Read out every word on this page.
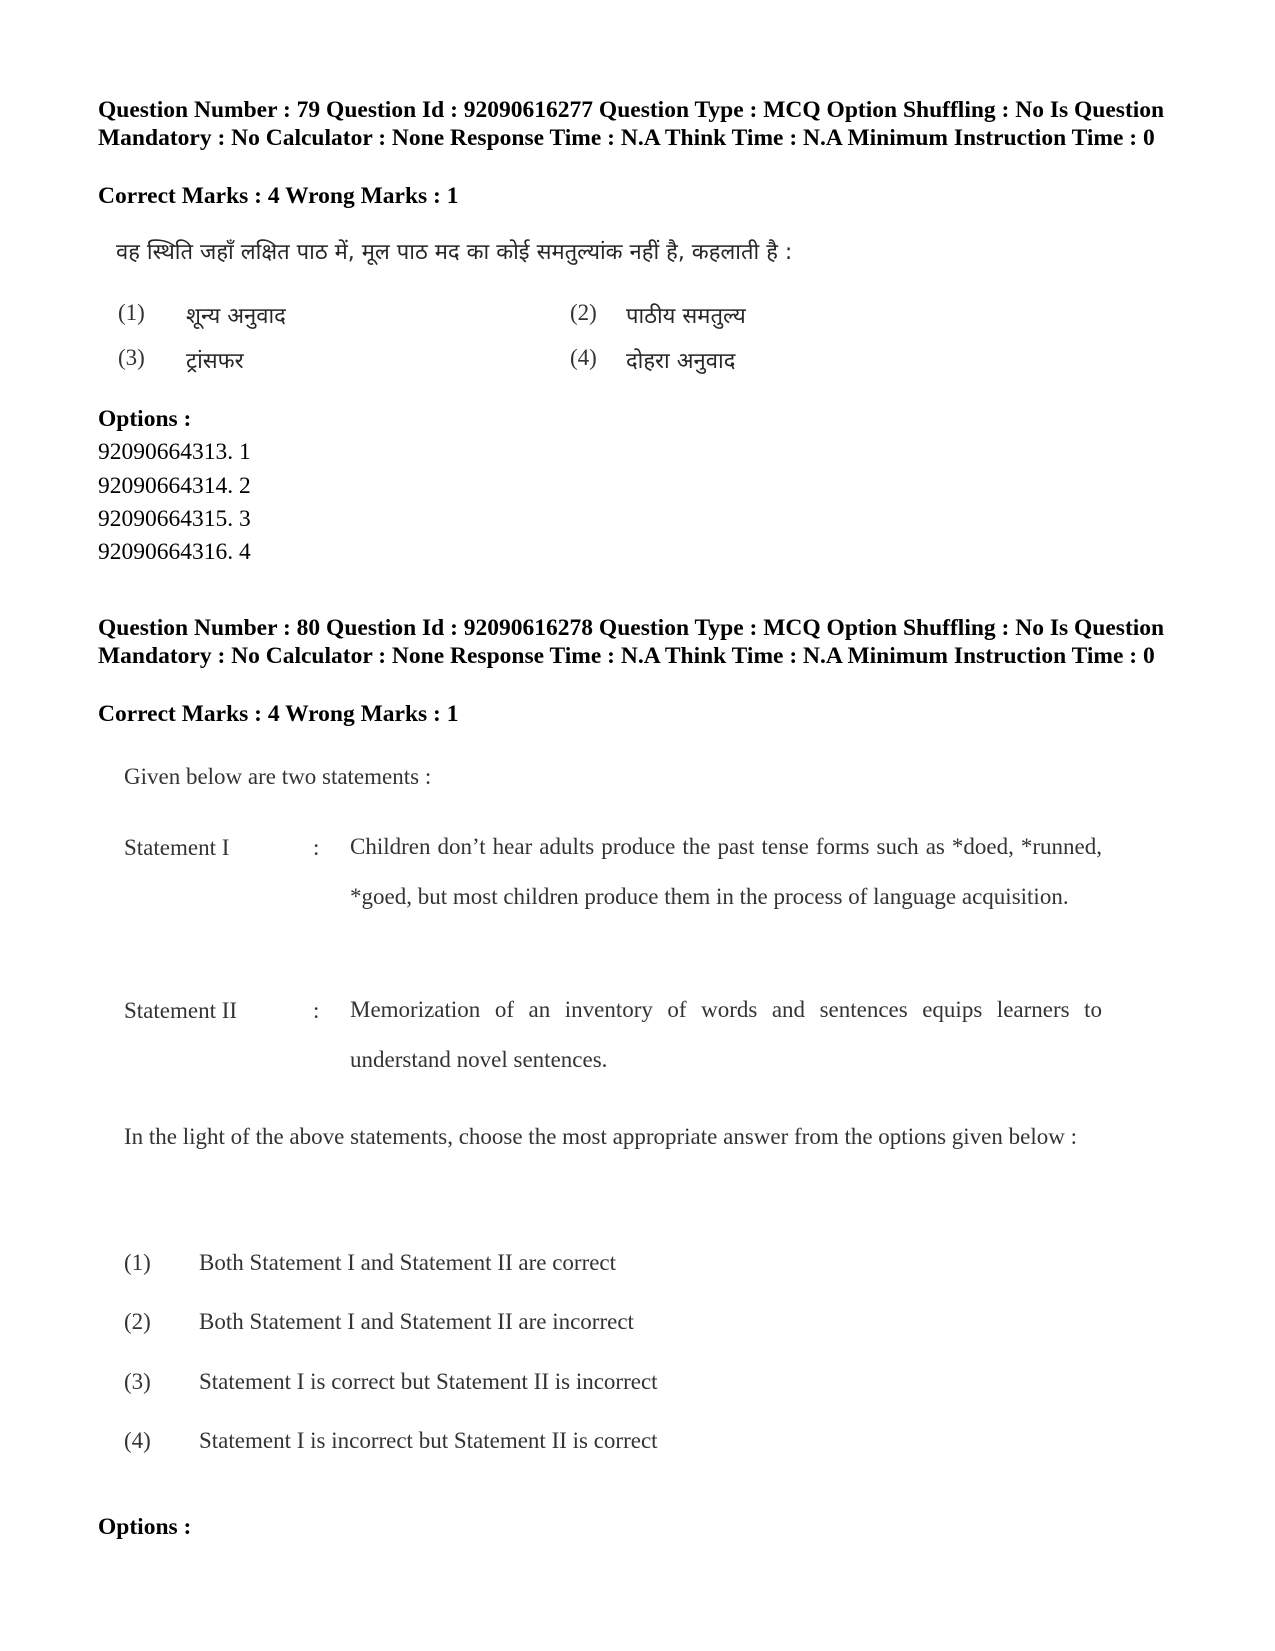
Question Number : 79 Question Id : 92090616277 Question Type : MCQ Option Shuffling : No Is Question Mandatory : No Calculator : None Response Time : N.A Think Time : N.A Minimum Instruction Time : 0
Correct Marks : 4 Wrong Marks : 1
वह स्थिति जहाँ लक्षित पाठ में, मूल पाठ मद का कोई समतुल्यांक नहीं है, कहलाती है :
(1) शून्य अनुवाद	(2) पाठीय समतुल्य
(3) ट्रांसफर	(4) दोहरा अनुवाद
Options :
92090664313. 1
92090664314. 2
92090664315. 3
92090664316. 4
Question Number : 80 Question Id : 92090616278 Question Type : MCQ Option Shuffling : No Is Question Mandatory : No Calculator : None Response Time : N.A Think Time : N.A Minimum Instruction Time : 0
Correct Marks : 4 Wrong Marks : 1
Given below are two statements :
Statement I	: Children don’t hear adults produce the past tense forms such as *doed, *runned, *goed, but most children produce them in the process of language acquisition.
Statement II	: Memorization of an inventory of words and sentences equips learners to understand novel sentences.
In the light of the above statements, choose the most appropriate answer from the options given below :
(1) Both Statement I and Statement II are correct
(2) Both Statement I and Statement II are incorrect
(3) Statement I is correct but Statement II is incorrect
(4) Statement I is incorrect but Statement II is correct
Options :
